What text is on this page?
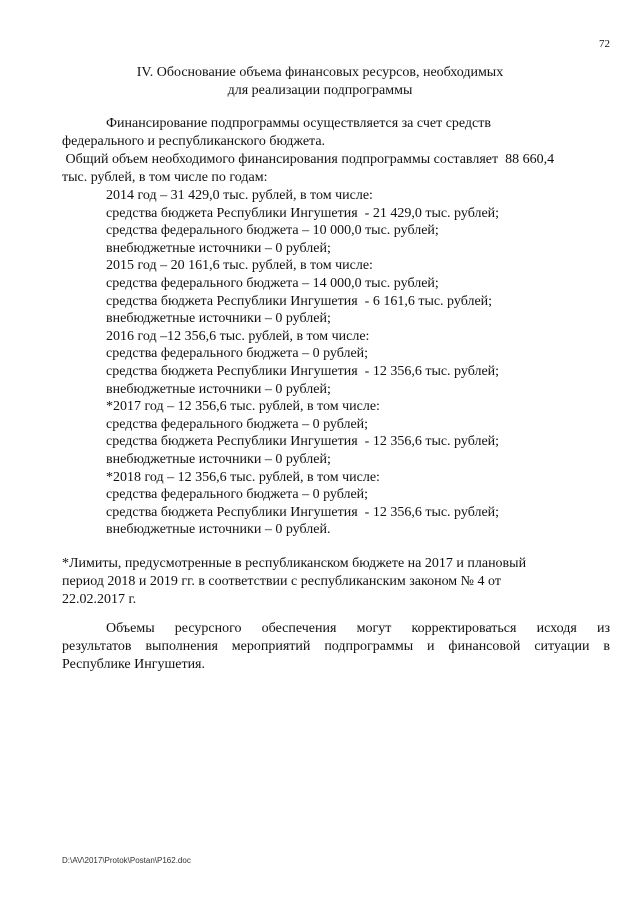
72
IV. Обоснование объема финансовых ресурсов, необходимых
для реализации подпрограммы
Финансирование подпрограммы осуществляется за счет средств
федерального и республиканского бюджета.
Общий объем необходимого финансирования подпрограммы составляет  88 660,4
тыс. рублей, в том числе по годам:
2014 год – 31 429,0 тыс. рублей, в том числе:
средства бюджета Республики Ингушетия  - 21 429,0 тыс. рублей;
средства федерального бюджета – 10 000,0 тыс. рублей;
внебюджетные источники – 0 рублей;
2015 год – 20 161,6 тыс. рублей, в том числе:
средства федерального бюджета – 14 000,0 тыс. рублей;
средства бюджета Республики Ингушетия  - 6 161,6 тыс. рублей;
внебюджетные источники – 0 рублей;
2016 год –12 356,6 тыс. рублей, в том числе:
средства федерального бюджета – 0 рублей;
средства бюджета Республики Ингушетия  - 12 356,6 тыс. рублей;
внебюджетные источники – 0 рублей;
*2017 год – 12 356,6 тыс. рублей, в том числе:
средства федерального бюджета – 0 рублей;
средства бюджета Республики Ингушетия  - 12 356,6 тыс. рублей;
внебюджетные источники – 0 рублей;
*2018 год – 12 356,6 тыс. рублей, в том числе:
средства федерального бюджета – 0 рублей;
средства бюджета Республики Ингушетия  - 12 356,6 тыс. рублей;
внебюджетные источники – 0 рублей.
*Лимиты, предусмотренные в республиканском бюджете на 2017 и плановый
период 2018 и 2019 гг. в соответствии с республиканским законом № 4 от
22.02.2017 г.
Объемы ресурсного обеспечения могут корректироваться исходя из
результатов выполнения мероприятий подпрограммы и финансовой ситуации в
Республике Ингушетия.
D:\AV\2017\Protok\Postan\P162.doc
